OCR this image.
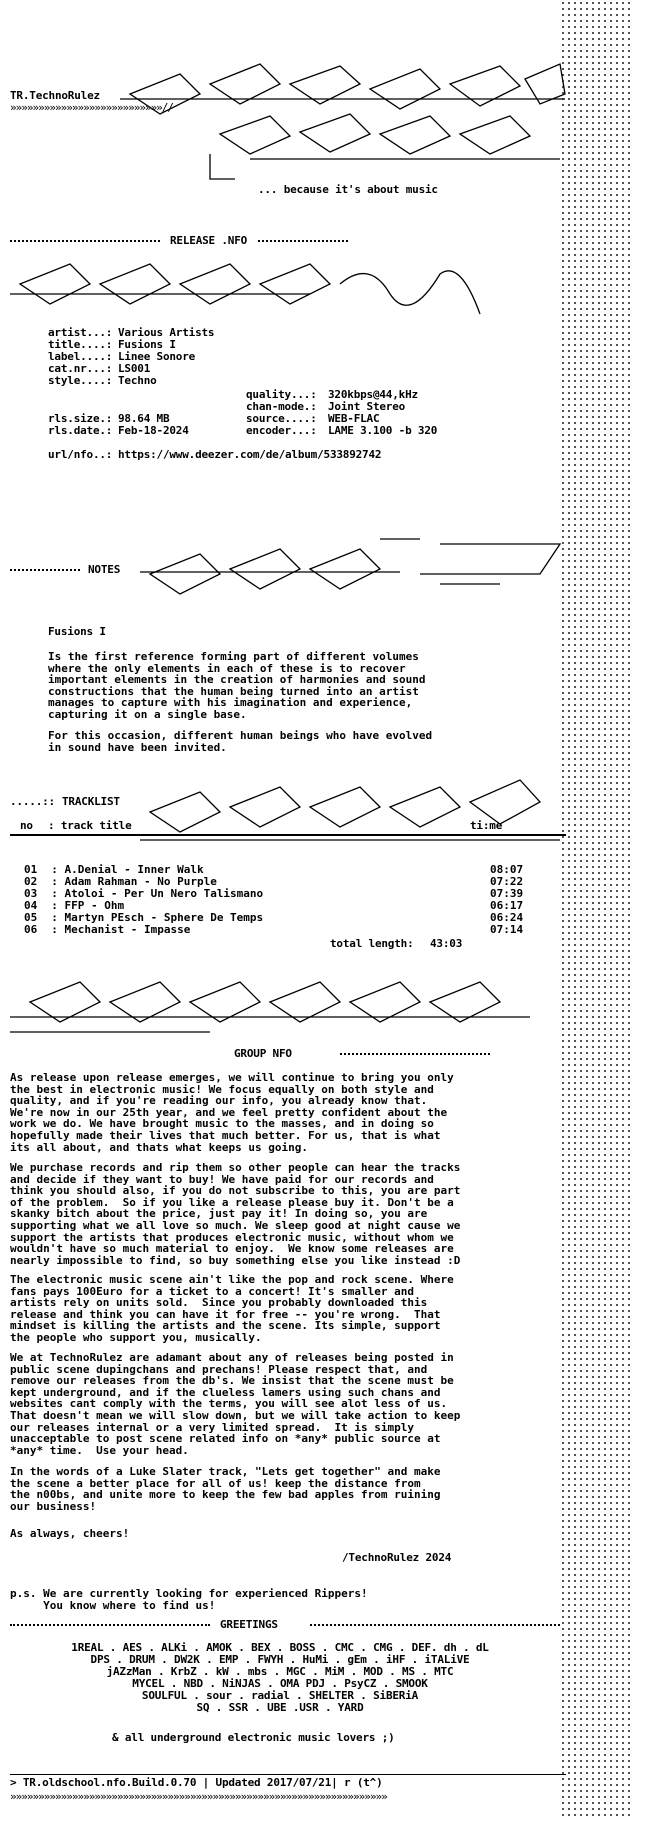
TR.TechnoRulez
»»»»»»»»»»»»»»»»»»»»»»»»»»»//
... because it's about music
RELEASE .NFO
artist...: Various Artists
title....: Fusions I
label....: Linee Sonore
cat.nr...: LS001
style....: Techno
quality...: 320kbps@44,kHz
chan-mode.: Joint Stereo
rls.size.: 98.64 MB	source....: WEB-FLAC
rls.date.: Feb-18-2024	encoder...: LAME 3.100 -b 320
url/nfo..: https://www.deezer.com/de/album/533892742
NOTES
Fusions I
Is the first reference forming part of different volumes
where the only elements in each of these is to recover
important elements in the creation of harmonies and sound
constructions that the human being turned into an artist
manages to capture with his imagination and experience,
capturing it on a single base.
For this occasion, different human beings who have evolved
in sound have been invited.
.....:: TRACKLIST
no : track title	ti:me
01 : A.Denial - Inner Walk	08:07
02 : Adam Rahman - No Purple	07:22
03 : Atoloi - Per Un Nero Talismano	07:39
04 : FFP - Ohm	06:17
05 : Martyn PEsch - Sphere De Temps	06:24
06 : Mechanist - Impasse	07:14
total length: 43:03
GROUP NFO
As release upon release emerges, we will continue to bring you only
the best in electronic music! We focus equally on both style and
quality, and if you're reading our info, you already know that.
We're now in our 25th year, and we feel pretty confident about the
work we do. We have brought music to the masses, and in doing so
hopefully made their lives that much better. For us, that is what
its all about, and thats what keeps us going.
We purchase records and rip them so other people can hear the tracks
and decide if they want to buy! We have paid for our records and
think you should also, if you do not subscribe to this, you are part
of the problem.  So if you like a release please buy it. Don't be a
skanky bitch about the price, just pay it! In doing so, you are
supporting what we all love so much. We sleep good at night cause we
support the artists that produces electronic music, without whom we
wouldn't have so much material to enjoy.  We know some releases are
nearly impossible to find, so buy something else you like instead :D
The electronic music scene ain't like the pop and rock scene. Where
fans pays 100Euro for a ticket to a concert! It's smaller and
artists rely on units sold.  Since you probably downloaded this
release and think you can have it for free -- you're wrong.  That
mindset is killing the artists and the scene. Its simple, support
the people who support you, musically.
We at TechnoRulez are adamant about any of releases being posted in
public scene dupingchans and prechans! Please respect that, and
remove our releases from the db's. We insist that the scene must be
kept underground, and if the clueless lamers using such chans and
websites cant comply with the terms, you will see alot less of us.
That doesn't mean we will slow down, but we will take action to keep
our releases internal or a very limited spread.  It is simply
unacceptable to post scene related info on *any* public source at
*any* time.  Use your head.
In the words of a Luke Slater track, "Lets get together" and make
the scene a better place for all of us! keep the distance from
the n00bs, and unite more to keep the few bad apples from ruining
our business!
As always, cheers!
/TechnoRulez 2024
p.s. We are currently looking for experienced Rippers!
You know where to find us!
GREETINGS
1REAL . AES . ALKi . AMOK . BEX . BOSS . CMC . CMG . DEF. dh . dL
DPS . DRUM . DW2K . EMP . FWYH . HuMi . gEm . iHF . iTALiVE
jAZzMan . KrbZ . kW . mbs . MGC . MiM . MOD . MS . MTC
MYCEL . NBD . NiNJAS . OMA PDJ . PsyCZ . SMOOK
SOULFUL . sour . radial . SHELTER . SiBERiA
SQ . SSR . UBE .USR . YARD
& all underground electronic music lovers ;)
> TR.oldschool.nfo.Build.0.70 | Updated 2017/07/21| r (t^)
»»»»»»»»»»»»»»»»»»»»»»»»»»»»»»»»»»»»»»»»»»»»»»»»»»»»»»»»»»»»»»»»»»»
